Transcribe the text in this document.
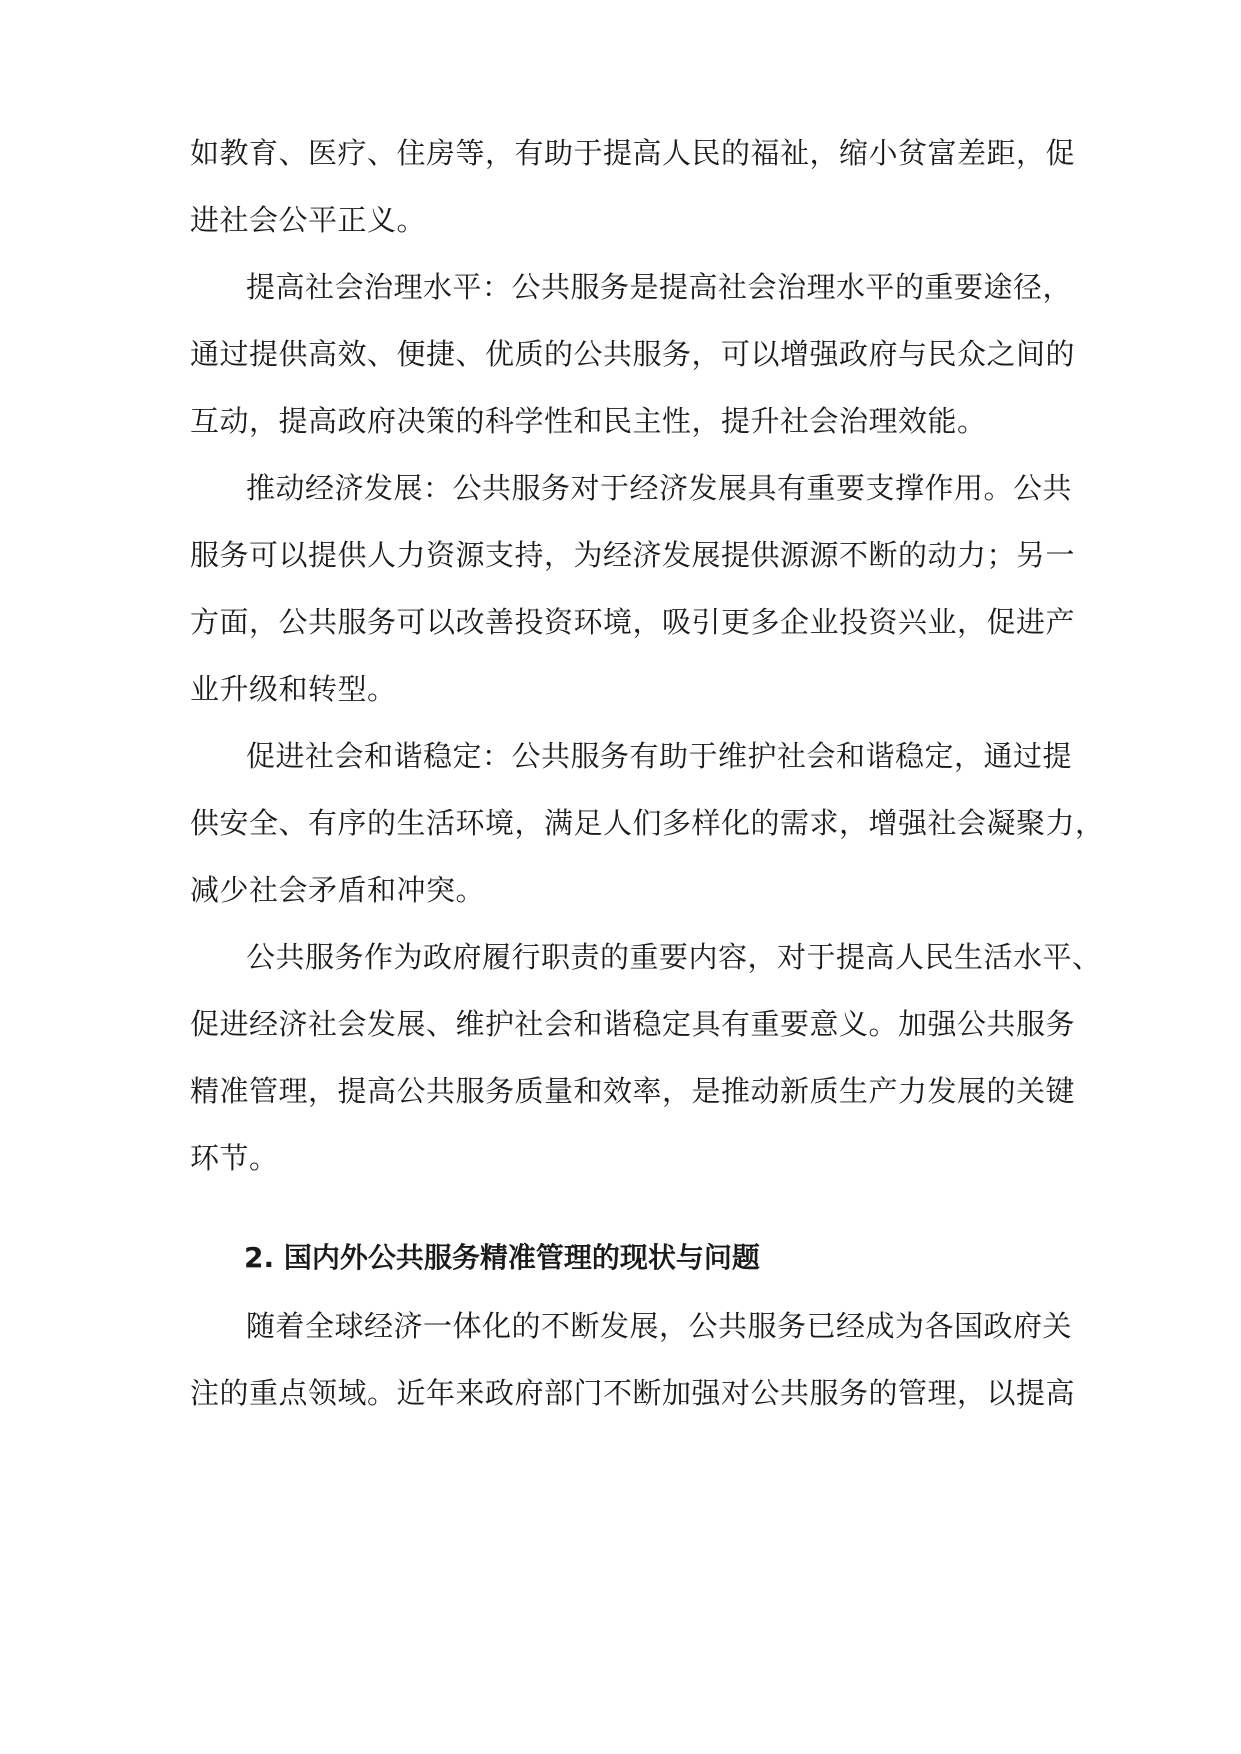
如教育、医疗、住房等，有助于提高人民的福祉，缩小贫富差距，促
进社会公平正义。
提高社会治理水平：公共服务是提高社会治理水平的重要途径，
通过提供高效、便捷、优质的公共服务，可以增强政府与民众之间的
互动，提高政府决策的科学性和民主性，提升社会治理效能。
推动经济发展：公共服务对于经济发展具有重要支撑作用。公共
服务可以提供人力资源支持，为经济发展提供源源不断的动力；另一
方面，公共服务可以改善投资环境，吸引更多企业投资兴业，促进产
业升级和转型。
促进社会和谐稳定：公共服务有助于维护社会和谐稳定，通过提
供安全、有序的生活环境，满足人们多样化的需求，增强社会凝聚力，
减少社会矛盾和冲突。
公共服务作为政府履行职责的重要内容，对于提高人民生活水平、
促进经济社会发展、维护社会和谐稳定具有重要意义。加强公共服务
精准管理，提高公共服务质量和效率，是推动新质生产力发展的关键
环节。
2. 国内外公共服务精准管理的现状与问题
随着全球经济一体化的不断发展，公共服务已经成为各国政府关
注的重点领域。近年来政府部门不断加强对公共服务的管理，以提高
